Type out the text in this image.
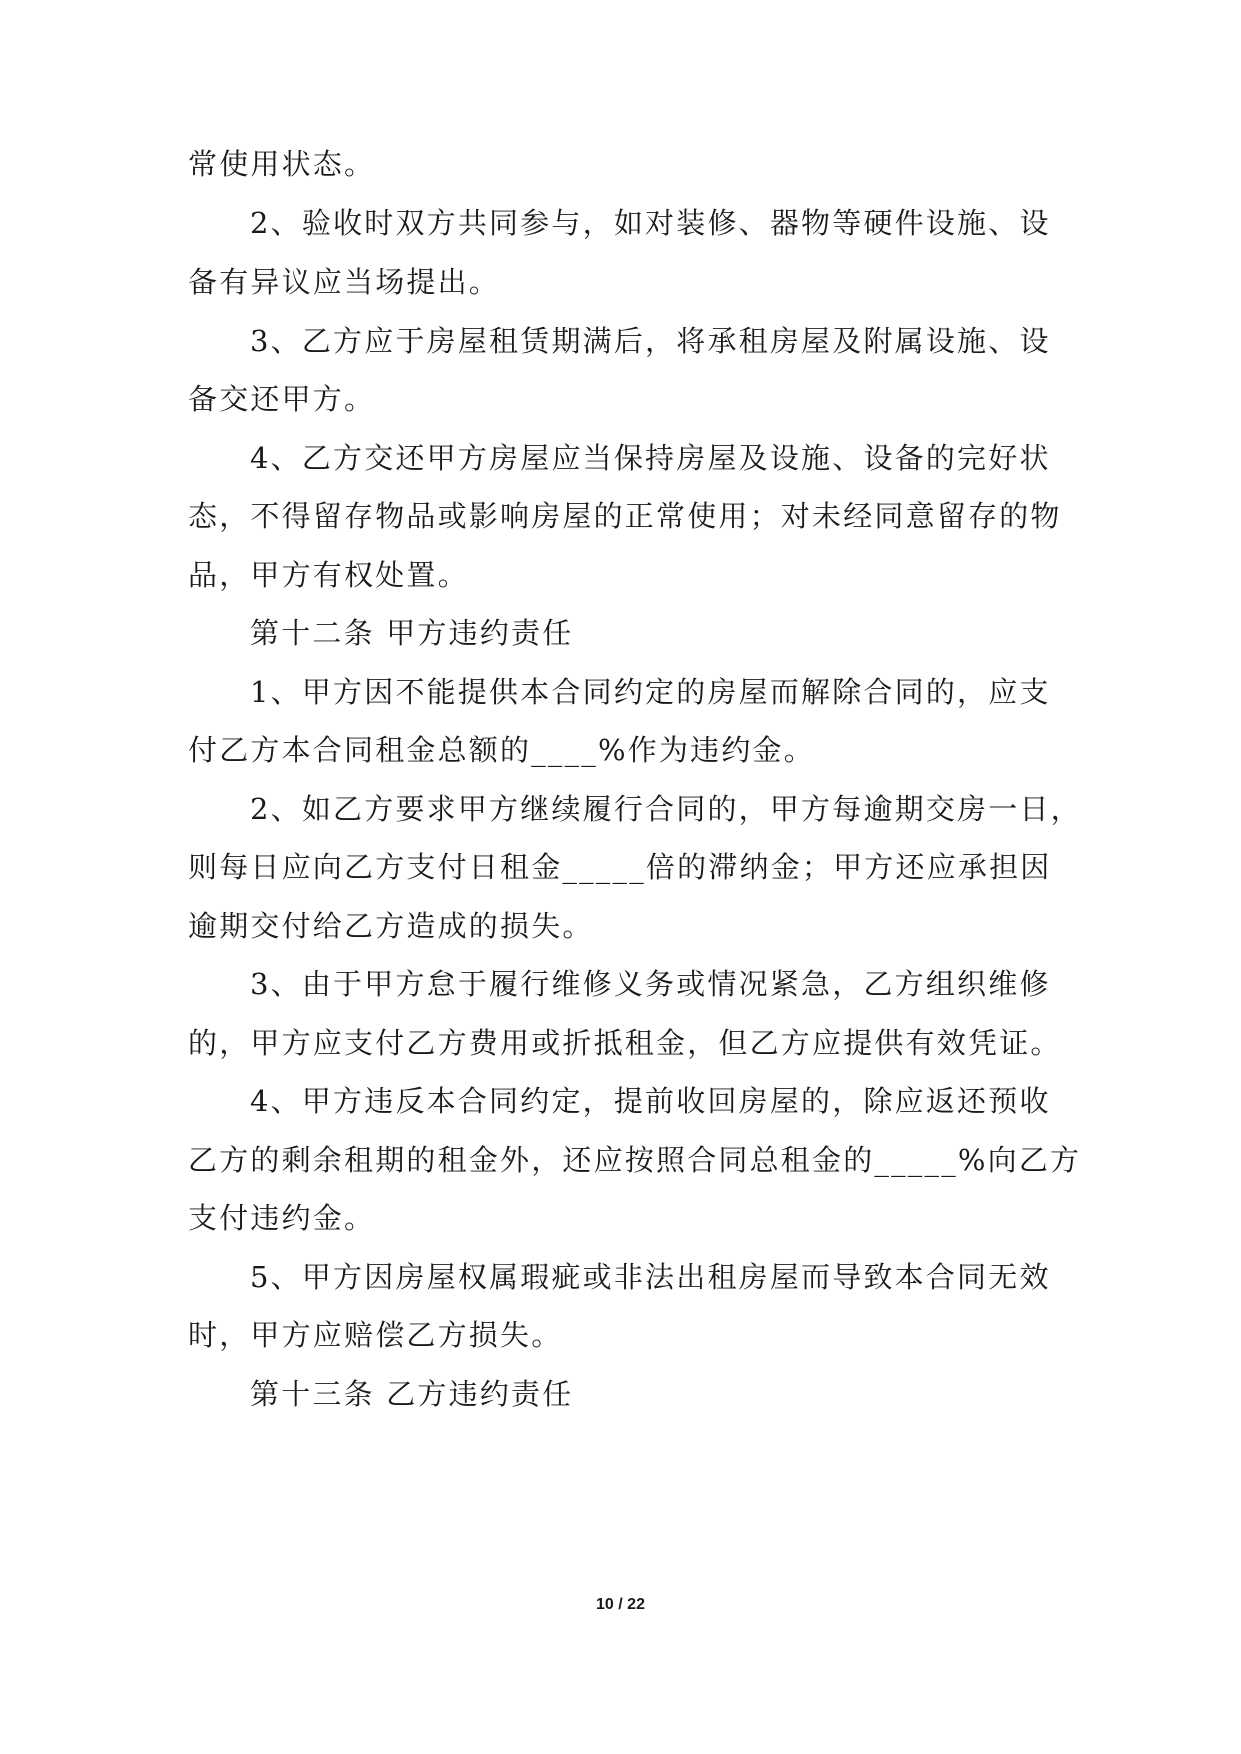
常使用状态。
2、验收时双方共同参与，如对装修、器物等硬件设施、设
备有异议应当场提出。
3、乙方应于房屋租赁期满后，将承租房屋及附属设施、设
备交还甲方。
4、乙方交还甲方房屋应当保持房屋及设施、设备的完好状
态，不得留存物品或影响房屋的正常使用；对未经同意留存的物
品，甲方有权处置。
第十二条 甲方违约责任
1、甲方因不能提供本合同约定的房屋而解除合同的，应支
付乙方本合同租金总额的____%作为违约金。
2、如乙方要求甲方继续履行合同的，甲方每逾期交房一日，
则每日应向乙方支付日租金_____倍的滞纳金；甲方还应承担因
逾期交付给乙方造成的损失。
3、由于甲方怠于履行维修义务或情况紧急，乙方组织维修
的，甲方应支付乙方费用或折抵租金，但乙方应提供有效凭证。
4、甲方违反本合同约定，提前收回房屋的，除应返还预收
乙方的剩余租期的租金外，还应按照合同总租金的_____%向乙方
支付违约金。
5、甲方因房屋权属瑕疵或非法出租房屋而导致本合同无效
时，甲方应赔偿乙方损失。
第十三条 乙方违约责任
10 / 22
